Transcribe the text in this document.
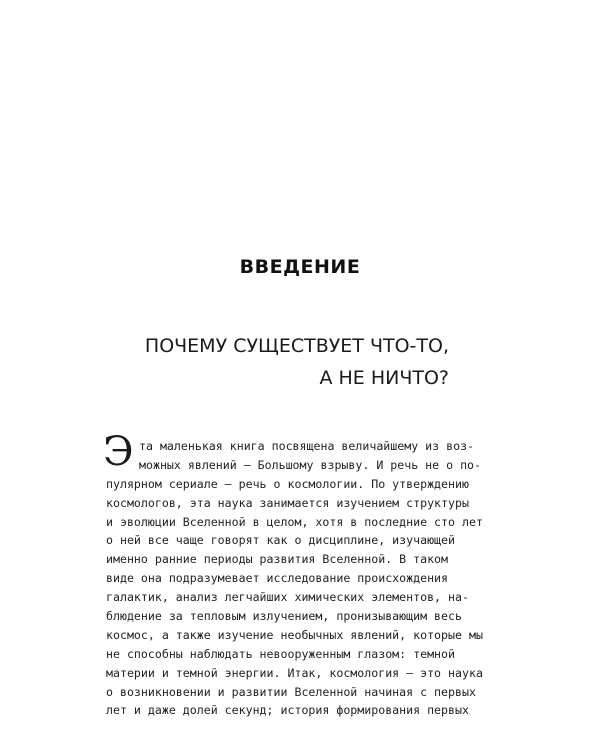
ВВЕДЕНИЕ
ПОЧЕМУ СУЩЕСТВУЕТ ЧТО-ТО,
А НЕ НИЧТО?
Э та маленькая книга посвящена величайшему из воз-
можных явлений — Большому взрыву. И речь не о по-
пулярном сериале — речь о космологии. По утверждению
космологов, эта наука занимается изучением структуры
и эволюции Вселенной в целом, хотя в последние сто лет
о ней все чаще говорят как о дисциплине, изучающей
именно ранние периоды развития Вселенной. В таком
виде она подразумевает исследование происхождения
галактик, анализ легчайших химических элементов, на-
блюдение за тепловым излучением, пронизывающим весь
космос, а также изучение необычных явлений, которые мы
не способны наблюдать невооруженным глазом: темной
материи и темной энергии. Итак, космология — это наука
о возникновении и развитии Вселенной начиная с первых
лет и даже долей секунд; история формирования первых
